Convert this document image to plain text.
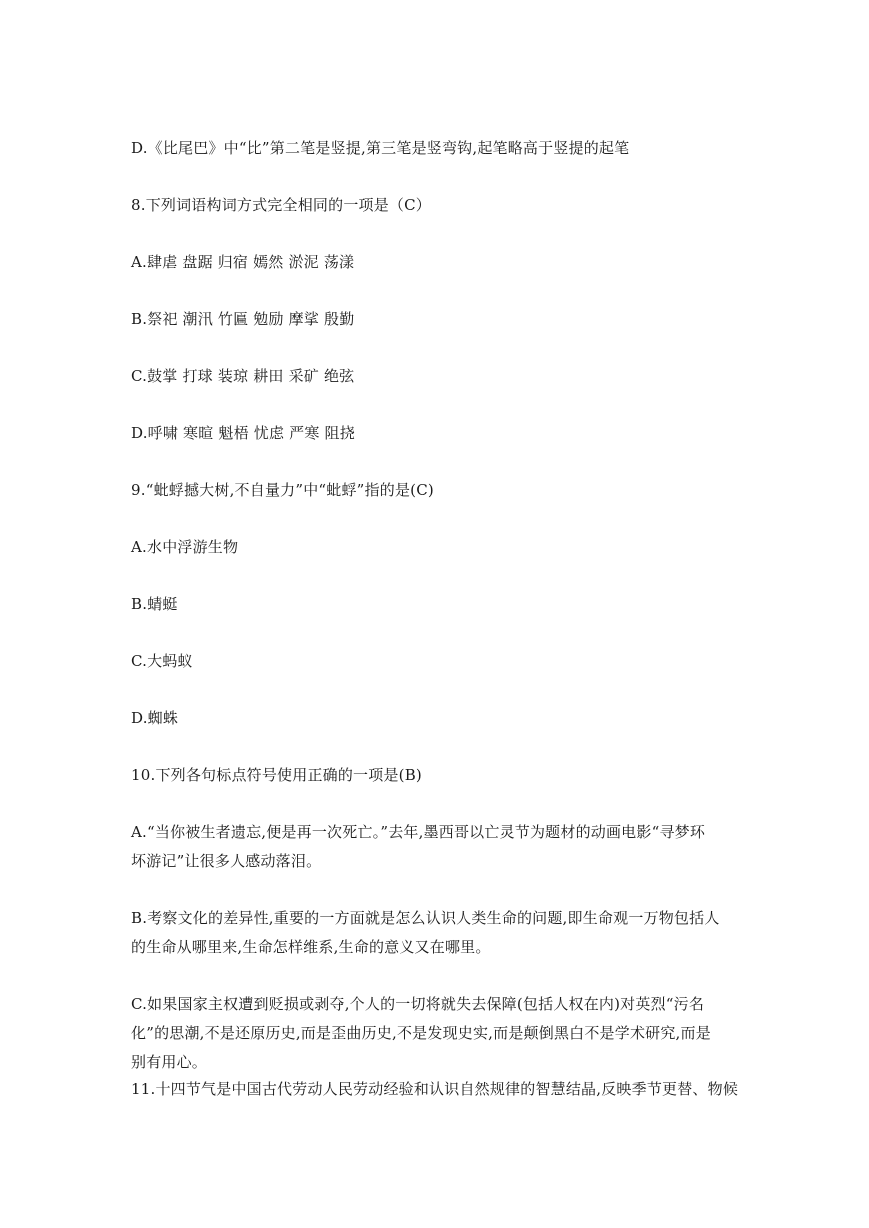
D.《比尾巴》中“比”第二笔是竖提,第三笔是竖弯钩,起笔略高于竖提的起笔
8.下列词语构词方式完全相同的一项是（C）
A.肆虐 盘踞 归宿 嫣然 淤泥 荡漾
B.祭祀 潮汛 竹匾 勉励 摩挲 殷勤
C.鼓掌 打球 装琼 耕田 采矿 绝弦
D.呼啸 寒暄 魁梧 忧虑 严寒 阻挠
9.“蚍蜉撼大树,不自量力”中“蚍蜉”指的是(C)
A.水中浮游生物
B.蜻蜓
C.大蚂蚁
D.蜘蛛
10.下列各句标点符号使用正确的一项是(B)
A.“当你被生者遗忘,便是再一次死亡。”去年,墨西哥以亡灵节为题材的动画电影“寻梦环
坏游记”让很多人感动落泪。
B.考察文化的差异性,重要的一方面就是怎么认识人类生命的问题,即生命观一万物包括人
的生命从哪里来,生命怎样维系,生命的意义又在哪里。
C.如果国家主权遭到贬损或剥夺,个人的一切将就失去保障(包括人权在内)对英烈“污名
化”的思潮,不是还原历史,而是歪曲历史,不是发现史实,而是颠倒黑白不是学术研究,而是
别有用心。
11.十四节气是中国古代劳动人民劳动经验和认识自然规律的智慧结晶,反映季节更替、物候
